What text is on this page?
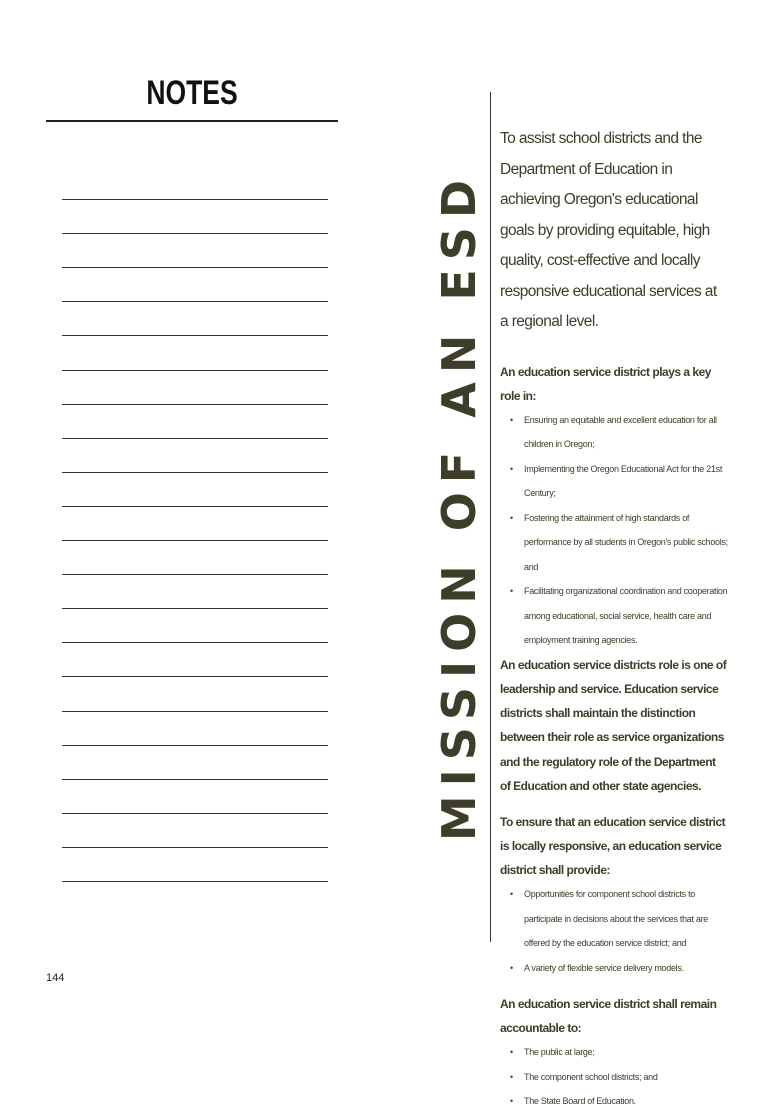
NOTES
144
MISSION OF AN ESD

To assist school districts and the Department of Education in achieving Oregon's educational goals by providing equitable, high quality, cost-effective and locally responsive educational services at a regional level.

An education service district plays a key role in:

• Ensuring an equitable and excellent education for all children in Oregon;
• Implementing the Oregon Educational Act for the 21st Century;
• Fostering the attainment of high standards of performance by all students in Oregon's public schools; and
• Facilitating organizational coordination and cooperation among educational, social service, health care and employment training agencies.

An education service districts role is one of leadership and service. Education service districts shall maintain the distinction between their role as service organizations and the regulatory role of the Department of Education and other state agencies.

To ensure that an education service district is locally responsive, an education service district shall provide:

• Opportunities for component school districts to participate in decisions about the services that are offered by the education service district; and
• A variety of flexible service delivery models.

An education service district shall remain accountable to:

• The public at large;
• The component school districts; and
• The State Board of Education.
